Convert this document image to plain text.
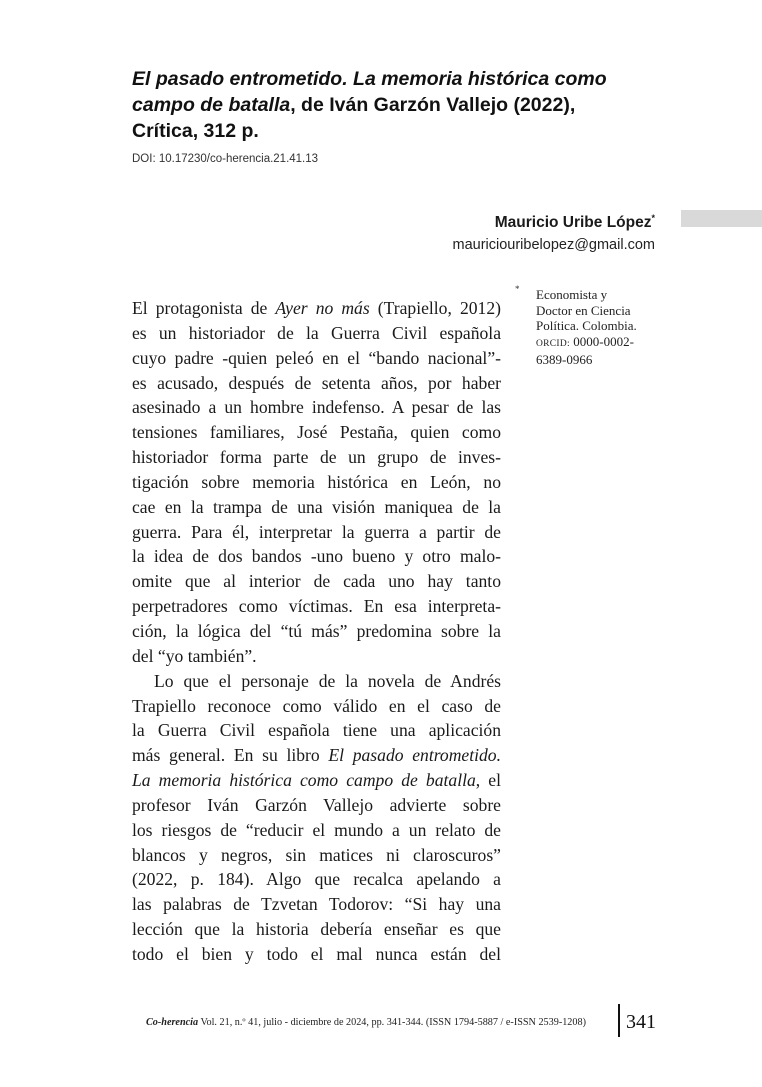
El pasado entrometido. La memoria histórica como
campo de batalla, de Iván Garzón Vallejo (2022),
Crítica, 312 p.
DOI: 10.17230/co-herencia.21.41.13
Mauricio Uribe López*
mauriciouribelopez@gmail.com
* Economista y
Doctor en Ciencia
Política. Colombia.
ORCID: 0000-0002-
6389-0966
El protagonista de Ayer no más (Trapiello, 2012)
es un historiador de la Guerra Civil española
cuyo padre -quien peleó en el “bando nacional”-
es acusado, después de setenta años, por haber
asesinado a un hombre indefenso. A pesar de las
tensiones familiares, José Pestaña, quien como
historiador forma parte de un grupo de inves-
tigación sobre memoria histórica en León, no
cae en la trampa de una visión maniquea de la
guerra. Para él, interpretar la guerra a partir de
la idea de dos bandos -uno bueno y otro malo-
omite que al interior de cada uno hay tanto
perpetradores como víctimas. En esa interpreta-
ción, la lógica del “tú más” predomina sobre la
del “yo también”.
Lo que el personaje de la novela de Andrés
Trapiello reconoce como válido en el caso de
la Guerra Civil española tiene una aplicación
más general. En su libro El pasado entrometido.
La memoria histórica como campo de batalla, el
profesor Iván Garzón Vallejo advierte sobre
los riesgos de “reducir el mundo a un relato de
blancos y negros, sin matices ni claroscuros”
(2022, p. 184). Algo que recalca apelando a
las palabras de Tzvetan Todorov: “Si hay una
lección que la historia debería enseñar es que
todo el bien y todo el mal nunca están del
Co-herencia Vol. 21, n.º 41, julio - diciembre de 2024, pp. 341-344. (ISSN 1794-5887 / e-ISSN 2539-1208) 341
